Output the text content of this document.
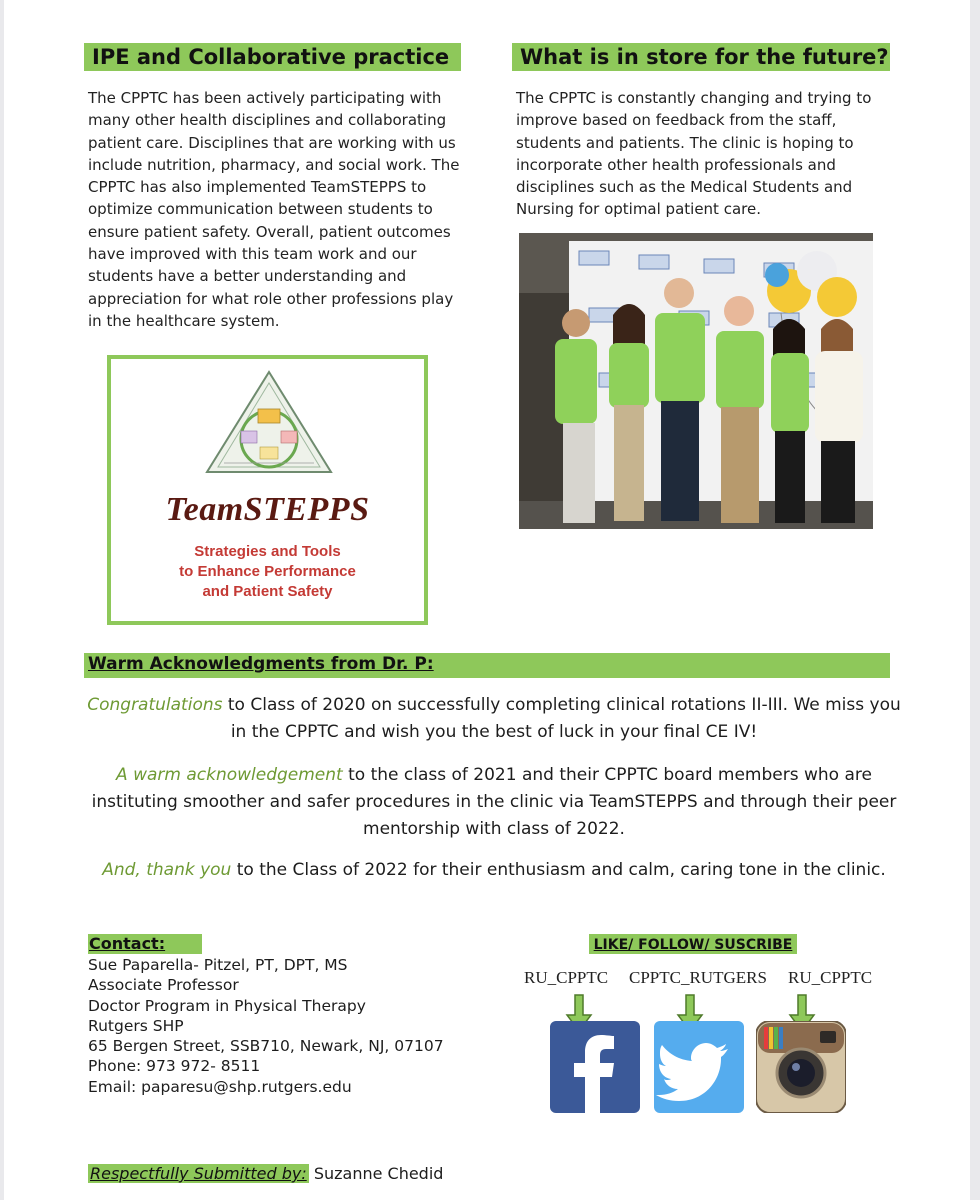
IPE and Collaborative practice
The CPPTC has been actively participating with many other health disciplines and collaborating patient care. Disciplines that are working with us include nutrition, pharmacy, and social work. The CPPTC has also implemented TeamSTEPPS to optimize communication between students to ensure patient safety. Overall, patient outcomes have improved with this team work and our students have a better understanding and appreciation for what role other professions play in the healthcare system.
What is in store for the future?
The CPPTC is constantly changing and trying to improve based on feedback from the staff, students and patients. The clinic is hoping to incorporate other health professionals and disciplines such as the Medical Students and Nursing for optimal patient care.
TeamSTEPPS
Strategies and Tools
to Enhance Performance
and Patient Safety
Warm Acknowledgments from Dr. P:
Congratulations to Class of 2020 on successfully completing clinical rotations II-III. We miss you in the CPPTC and wish you the best of luck in your final CE IV!
A warm acknowledgement to the class of 2021 and their CPPTC board members who are instituting smoother and safer procedures in the clinic via TeamSTEPPS and through their peer mentorship with class of 2022.
And, thank you to the Class of 2022 for their enthusiasm and calm, caring tone in the clinic.
Contact:
Sue Paparella- Pitzel, PT, DPT, MS
Associate Professor
Doctor Program in Physical Therapy
Rutgers SHP
65 Bergen Street, SSB710, Newark, NJ, 07107
Phone: 973 972- 8511
Email: paparesu@shp.rutgers.edu
LIKE/ FOLLOW/ SUSCRIBE
RU_CPPTC CPPTC_RUTGERS RU_CPPTC
Respectfully Submitted by: Suzanne Chedid
